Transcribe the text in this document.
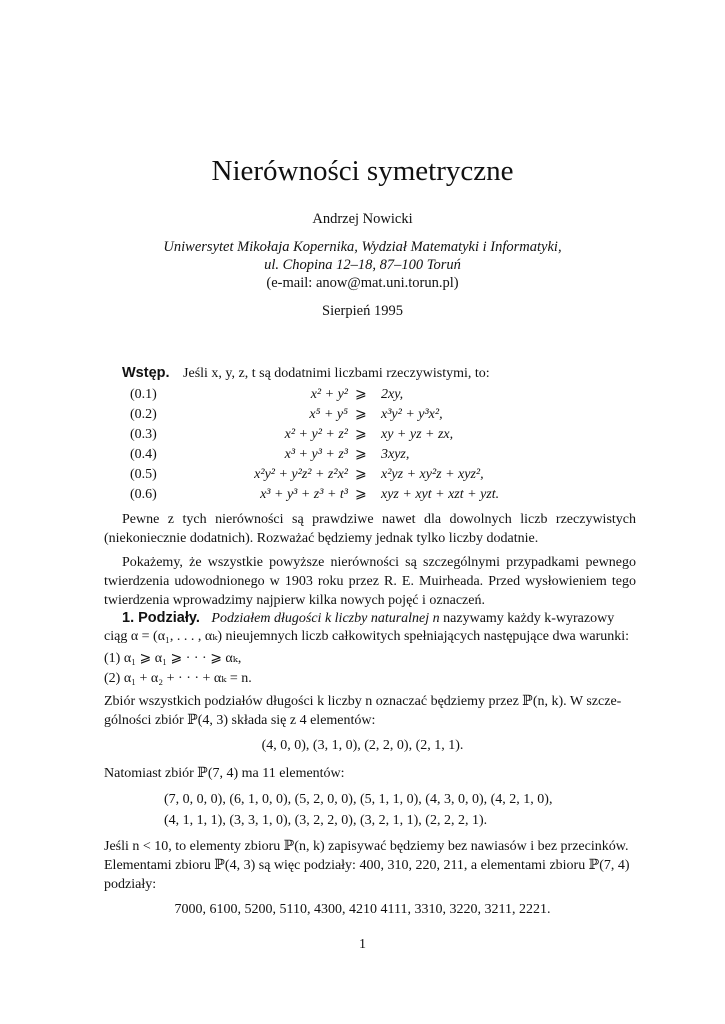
Nierówności symetryczne
Andrzej Nowicki
Uniwersytet Mikołaja Kopernika, Wydział Matematyki i Informatyki,
ul. Chopina 12–18, 87–100 Toruń
(e-mail: anow@mat.uni.torun.pl)
Sierpień 1995
Wstęp. Jeśli x, y, z, t są dodatnimi liczbami rzeczywistymi, to:
(0.1)	x² + y² ⩾ 2xy,
(0.2)	x⁵ + y⁵ ⩾ x³y² + y³x²,
(0.3)	x² + y² + z² ⩾ xy + yz + zx,
(0.4)	x³ + y³ + z³ ⩾ 3xyz,
(0.5)	x²y² + y²z² + z²x² ⩾ x²yz + xy²z + xyz²,
(0.6)	x³ + y³ + z³ + t³ ⩾ xyz + xyt + xzt + yzt.
Pewne z tych nierówności są prawdziwe nawet dla dowolnych liczb rzeczywistych (niekoniecznie dodatnich). Rozważać będziemy jednak tylko liczby dodatnie.
Pokażemy, że wszystkie powyższe nierówności są szczególnymi przypadkami pewnego twierdzenia udowodnionego w 1903 roku przez R. E. Muirheada. Przed wysłowieniem tego twierdzenia wprowadzimy najpierw kilka nowych pojęć i oznaczeń.
1. Podziały. Podziałem długości k liczby naturalnej n nazywamy każdy k-wyrazowy
ciąg α = (α₁, . . . , αₖ) nieujemnych liczb całkowitych spełniających następujące dwa warunki:
(1) α₁ ⩾ α₁ ⩾ · · · ⩾ αₖ,
(2) α₁ + α₂ + · · · + αₖ = n.
Zbiór wszystkich podziałów długości k liczby n oznaczać będziemy przez ℙ(n, k). W szcze-
gólności zbiór ℙ(4, 3) składa się z 4 elementów:
(4, 0, 0), (3, 1, 0), (2, 2, 0), (2, 1, 1).
Natomiast zbiór ℙ(7, 4) ma 11 elementów:
(7, 0, 0, 0), (6, 1, 0, 0), (5, 2, 0, 0), (5, 1, 1, 0), (4, 3, 0, 0), (4, 2, 1, 0),
(4, 1, 1, 1), (3, 3, 1, 0), (3, 2, 2, 0), (3, 2, 1, 1), (2, 2, 2, 1).
Jeśli n < 10, to elementy zbioru ℙ(n, k) zapisywać będziemy bez nawiasów i bez przecinków.
Elementami zbioru ℙ(4, 3) są więc podziały: 400, 310, 220, 211, a elementami zbioru ℙ(7, 4)
podziały:
7000, 6100, 5200, 5110, 4300, 4210 4111, 3310, 3220, 3211, 2221.
1
